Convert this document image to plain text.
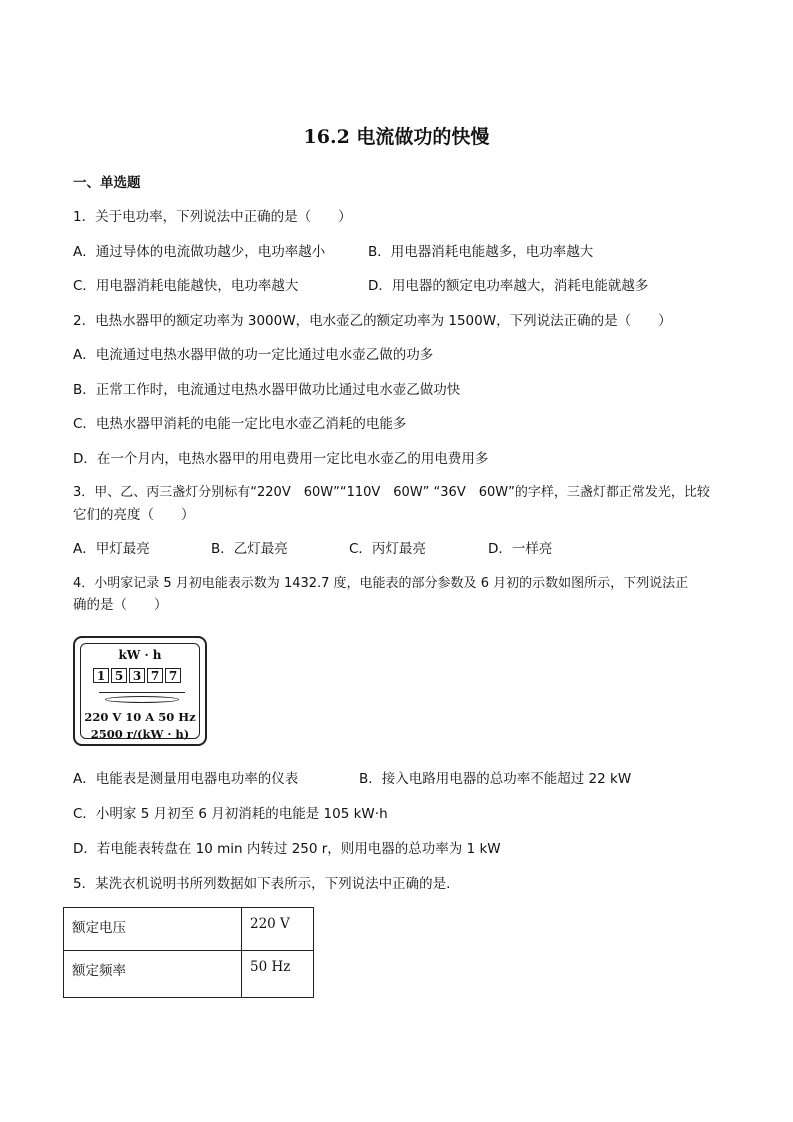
16.2 电流做功的快慢
一、单选题
1．关于电功率，下列说法中正确的是（　　）
A．通过导体的电流做功越少，电功率越小	B．用电器消耗电能越多，电功率越大
C．用电器消耗电能越快，电功率越大	D．用电器的额定电功率越大，消耗电能就越多
2．电热水器甲的额定功率为 3000W，电水壶乙的额定功率为 1500W，下列说法正确的是（　　）
A．电流通过电热水器甲做的功一定比通过电水壶乙做的功多
B．正常工作时，电流通过电热水器甲做功比通过电水壶乙做功快
C．电热水器甲消耗的电能一定比电水壶乙消耗的电能多
D．在一个月内，电热水器甲的用电费用一定比电水壶乙的用电费用多
3．甲、乙、丙三盏灯分别标有“220V　60W”“110V　60W” “36V　60W”的字样，三盏灯都正常发光，比较
它们的亮度（　　）
A．甲灯最亮	B．乙灯最亮	C．丙灯最亮	D．一样亮
4．小明家记录 5 月初电能表示数为 1432.7 度，电能表的部分参数及 6 月初的示数如图所示，下列说法正
确的是（　　）
kW · h
1 5 3 7 7
220 V 10 A 50 Hz
2500 r/(kW · h)
A．电能表是测量用电器电功率的仪表	B．接入电路用电器的总功率不能超过 22 kW
C．小明家 5 月初至 6 月初消耗的电能是 105 kW·h
D．若电能表转盘在 10 min 内转过 250 r，则用电器的总功率为 1 kW
5．某洗衣机说明书所列数据如下表所示，下列说法中正确的是.
额定电压	220 V
额定频率	50 Hz
